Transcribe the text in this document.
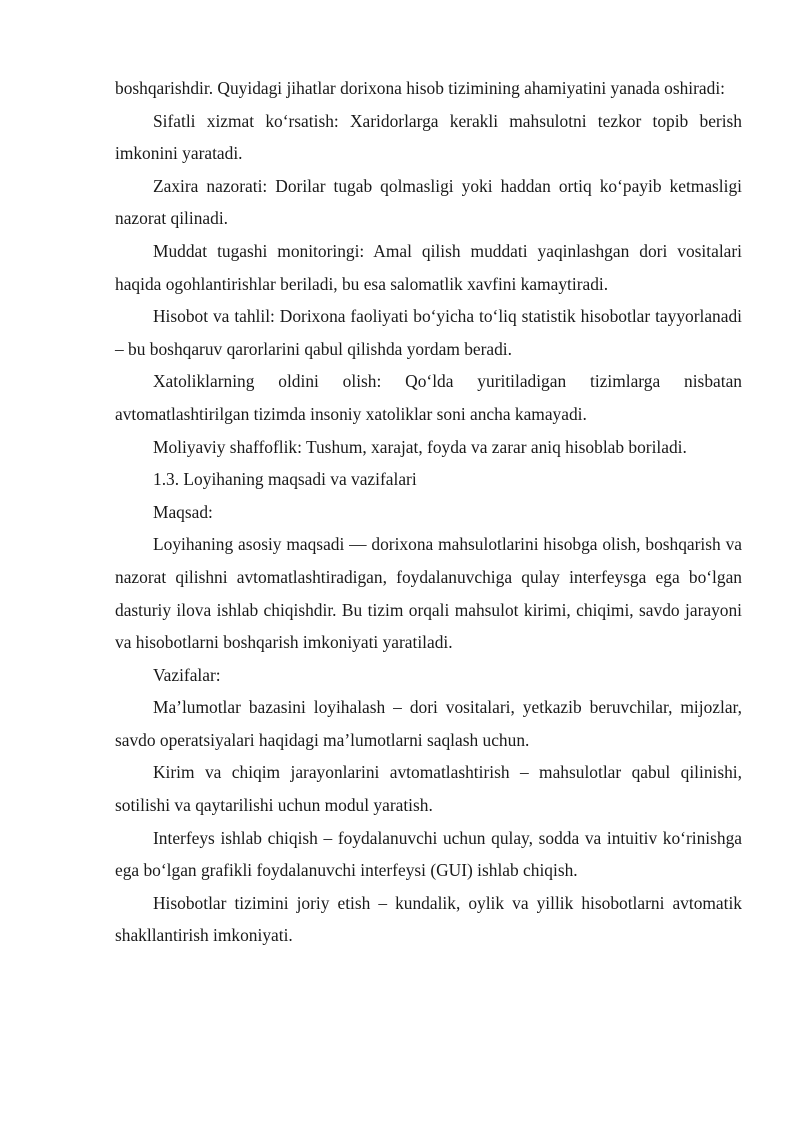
boshqarishdir. Quyidagi jihatlar dorixona hisob tizimining ahamiyatini yanada oshiradi:

Sifatli xizmat ko‘rsatish: Xaridorlarga kerakli mahsulotni tezkor topib berish imkonini yaratadi.

Zaxira nazorati: Dorilar tugab qolmasligi yoki haddan ortiq ko‘payib ketmasligi nazorat qilinadi.

Muddat tugashi monitoringi: Amal qilish muddati yaqinlashgan dori vositalari haqida ogohlantirishlar beriladi, bu esa salomatlik xavfini kamaytiradi.

Hisobot va tahlil: Dorixona faoliyati bo‘yicha to‘liq statistik hisobotlar tayyorlanadi – bu boshqaruv qarorlarini qabul qilishda yordam beradi.

Xatoliklarning oldini olish: Qo‘lda yuritiladigan tizimlarga nisbatan avtomatlashtirilgan tizimda insoniy xatoliklar soni ancha kamayadi.

Moliyaviy shaffoflik: Tushum, xarajat, foyda va zarar aniq hisoblab boriladi.

1.3. Loyihaning maqsadi va vazifalari

Maqsad:

Loyihaning asosiy maqsadi — dorixona mahsulotlarini hisobga olish, boshqarish va nazorat qilishni avtomatlashtiradigan, foydalanuvchiga qulay interfeysga ega bo‘lgan dasturiy ilova ishlab chiqishdir. Bu tizim orqali mahsulot kirimi, chiqimi, savdo jarayoni va hisobotlarni boshqarish imkoniyati yaratiladi.

Vazifalar:

Ma’lumotlar bazasini loyihalash – dori vositalari, yetkazib beruvchilar, mijozlar, savdo operatsiyalari haqidagi ma’lumotlarni saqlash uchun.

Kirim va chiqim jarayonlarini avtomatlashtirish – mahsulotlar qabul qilinishi, sotilishi va qaytarilishi uchun modul yaratish.

Interfeys ishlab chiqish – foydalanuvchi uchun qulay, sodda va intuitiv ko‘rinishga ega bo‘lgan grafikli foydalanuvchi interfeysi (GUI) ishlab chiqish.

Hisobotlar tizimini joriy etish – kundalik, oylik va yillik hisobotlarni avtomatik shakllantirish imkoniyati.
